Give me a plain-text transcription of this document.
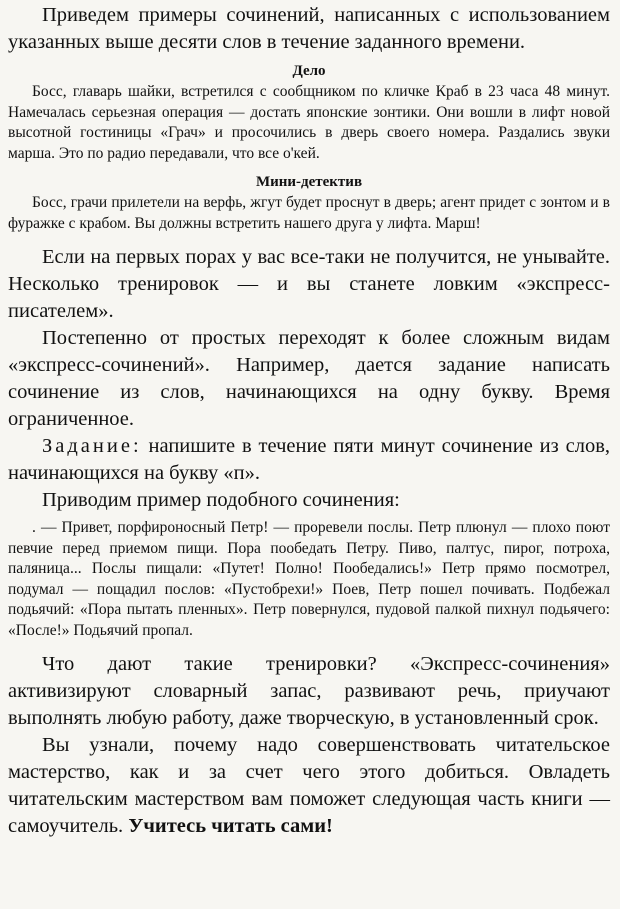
Приведем примеры сочинений, написанных с использованием указанных выше десяти слов в течение заданного времени.

Дело

Босс, главарь шайки, встретился с сообщником по кличке Краб в 23 часа 48 минут. Намечалась серьезная операция — достать японские зонтики. Они вошли в лифт новой высотной гостиницы «Грач» и просочились в дверь своего номера. Раздались звуки марша. Это по радио передавали, что все о'кей.

Мини-детектив

Босс, грачи прилетели на верфь, жгут будет проснут в дверь; агент придет с зонтом и в фуражке с крабом. Вы должны встретить нашего друга у лифта. Марш!

Если на первых порах у вас все-таки не получится, не унывайте. Несколько тренировок — и вы станете ловким «экспресс-писателем».

Постепенно от простых переходят к более сложным видам «экспресс-сочинений». Например, дается задание написать сочинение из слов, начинающихся на одну букву. Время ограниченное.

Задание: напишите в течение пяти минут сочинение из слов, начинающихся на букву «п».

Приводим пример подобного сочинения:

. — Привет, порфироносный Петр! — проревели послы. Петр плюнул — плохо поют певчие перед приемом пищи. Пора пообедать Петру. Пиво, палтус, пирог, потроха, паляница... Послы пищали: «Путет! Полно! Пообедались!» Петр прямо посмотрел, подумал — пощадил послов: «Пустобрехи!» Поев, Петр пошел почивать. Подбежал подьячий: «Пора пытать пленных». Петр повернулся, пудовой палкой пихнул подьячего: «После!» Подьячий пропал.

Что дают такие тренировки? «Экспресс-сочинения» активизируют словарный запас, развивают речь, приучают выполнять любую работу, даже творческую, в установленный срок.

Вы узнали, почему надо совершенствовать читательское мастерство, как и за счет чего этого добиться. Овладеть читательским мастерством вам поможет следующая часть книги — самоучитель. Учитесь читать сами!
